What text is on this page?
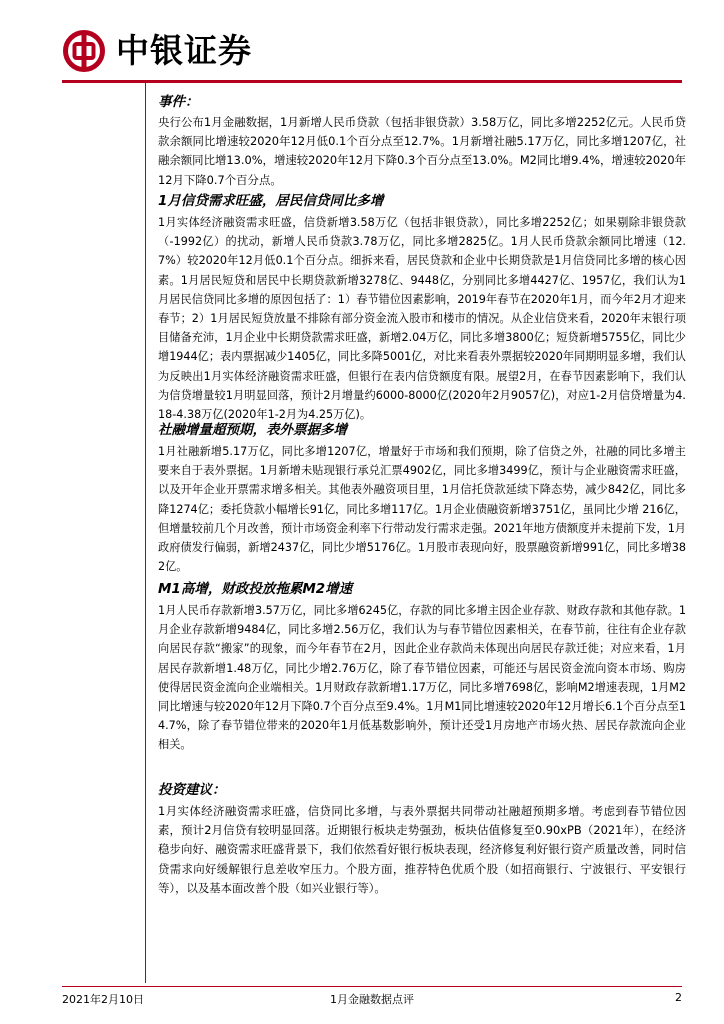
中银证券
事件：
央行公布1月金融数据，1月新增人民币贷款（包括非银贷款）3.58万亿，同比多增2252亿元。人民币贷款余额同比增速较2020年12月低0.1个百分点至12.7%。1月新增社融5.17万亿，同比多增1207亿，社融余额同比增13.0%，增速较2020年12月下降0.3个百分点至13.0%。M2同比增9.4%，增速较2020年12月下降0.7个百分点。
1月信贷需求旺盛，居民信贷同比多增
1月实体经济融资需求旺盛，信贷新增3.58万亿（包括非银贷款），同比多增2252亿；如果剔除非银贷款（-1992亿）的扰动，新增人民币贷款3.78万亿，同比多增2825亿。1月人民币贷款余额同比增速（12.7%）较2020年12月低0.1个百分点。细拆来看，居民贷款和企业中长期贷款是1月信贷同比多增的核心因素。1月居民短贷和居民中长期贷款新增3278亿、9448亿，分别同比多增4427亿、1957亿，我们认为1月居民信贷同比多增的原因包括了：1）春节错位因素影响，2019年春节在2020年1月，而今年2月才迎来春节；2）1月居民短贷放量不排除有部分资金流入股市和楼市的情况。从企业信贷来看，2020年末银行项目储备充沛，1月企业中长期贷款需求旺盛，新增2.04万亿，同比多增3800亿；短贷新增5755亿，同比少增1944亿；表内票据减少1405亿，同比多降5001亿，对比来看表外票据较2020年同期明显多增，我们认为反映出1月实体经济融资需求旺盛，但银行在表内信贷额度有限。展望2月，在春节因素影响下，我们认为信贷增量较1月明显回落，预计2月增量约6000-8000亿(2020年2月9057亿)，对应1-2月信贷增量为4.18-4.38万亿(2020年1-2月为4.25万亿)。
社融增量超预期，表外票据多增
1月社融新增5.17万亿，同比多增1207亿，增量好于市场和我们预期，除了信贷之外，社融的同比多增主要来自于表外票据。1月新增未贴现银行承兑汇票4902亿，同比多增3499亿，预计与企业融资需求旺盛，以及开年企业开票需求增多相关。其他表外融资项目里，1月信托贷款延续下降态势，减少842亿，同比多降1274亿；委托贷款小幅增长91亿，同比多增117亿。1月企业债融资新增3751亿，虽同比少增 216亿，但增量较前几个月改善，预计市场资金利率下行带动发行需求走强。2021年地方债额度并未提前下发，1月政府债发行偏弱，新增2437亿，同比少增5176亿。1月股市表现向好，股票融资新增991亿，同比多增382亿。
M1高增，财政投放拖累M2增速
1月人民币存款新增3.57万亿，同比多增6245亿，存款的同比多增主因企业存款、财政存款和其他存款。1月企业存款新增9484亿，同比多增2.56万亿，我们认为与春节错位因素相关，在春节前，往往有企业存款向居民存款“搬家”的现象，而今年春节在2月，因此企业存款尚未体现出向居民存款迁徙；对应来看，1月居民存款新增1.48万亿，同比少增2.76万亿，除了春节错位因素，可能还与居民资金流向资本市场、购房使得居民资金流向企业端相关。1月财政存款新增1.17万亿，同比多增7698亿，影响M2增速表现，1月M2同比增速与较2020年12月下降0.7个百分点至9.4%。1月M1同比增速较2020年12月增长6.1个百分点至14.7%，除了春节错位带来的2020年1月低基数影响外，预计还受1月房地产市场火热、居民存款流向企业相关。
投资建议：
1月实体经济融资需求旺盛，信贷同比多增，与表外票据共同带动社融超预期多增。考虑到春节错位因素，预计2月信贷有较明显回落。近期银行板块走势强劲，板块估值修复至0.90xPB（2021年），在经济稳步向好、融资需求旺盛背景下，我们依然看好银行板块表现，经济修复利好银行资产质量改善，同时信贷需求向好缓解银行息差收窄压力。个股方面，推荐特色优质个股（如招商银行、宁波银行、平安银行等），以及基本面改善个股（如兴业银行等）。
2021年2月10日	1月金融数据点评	2
